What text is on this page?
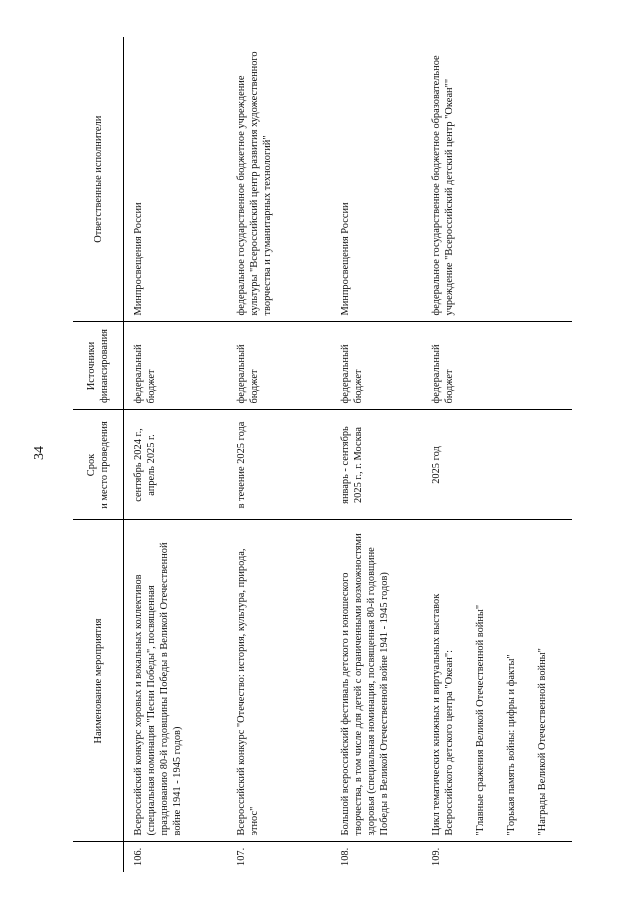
34
	Наименование мероприятия	Срок
и место проведения	Источники финансирования	Ответственные исполнители
106.	Всероссийский конкурс хоровых и вокальных коллективов (специальная номинация "Песни Победы", посвященная празднованию 80-й годовщины Победы в Великой Отечественной войне 1941 - 1945 годов)	сентябрь 2024 г., апрель 2025 г.	федеральный бюджет	Минпросвещения России
107.	Всероссийский конкурс "Отечество: история, культура, природа, этнос"	в течение 2025 года	федеральный бюджет	федеральное государственное бюджетное учреждение культуры "Всероссийский центр развития художественного творчества и гуманитарных технологий"
108.	Большой всероссийский фестиваль детского и юношеского творчества, в том числе для детей с ограниченными возможностями здоровья (специальная номинация, посвященная 80-й годовщине Победы в Великой Отечественной войне 1941 - 1945 годов)	январь - сентябрь 2025 г., г. Москва	федеральный бюджет	Минпросвещения России
109.	Цикл тематических книжных и виртуальных выставок Всероссийского детского центра "Океан": "Главные сражения Великой Отечественной войны" "Горькая память войны: цифры и факты" "Награды Великой Отечественной войны"	2025 год	федеральный бюджет	федеральное государственное бюджетное образовательное учреждение "Всероссийский детский центр "Океан""
